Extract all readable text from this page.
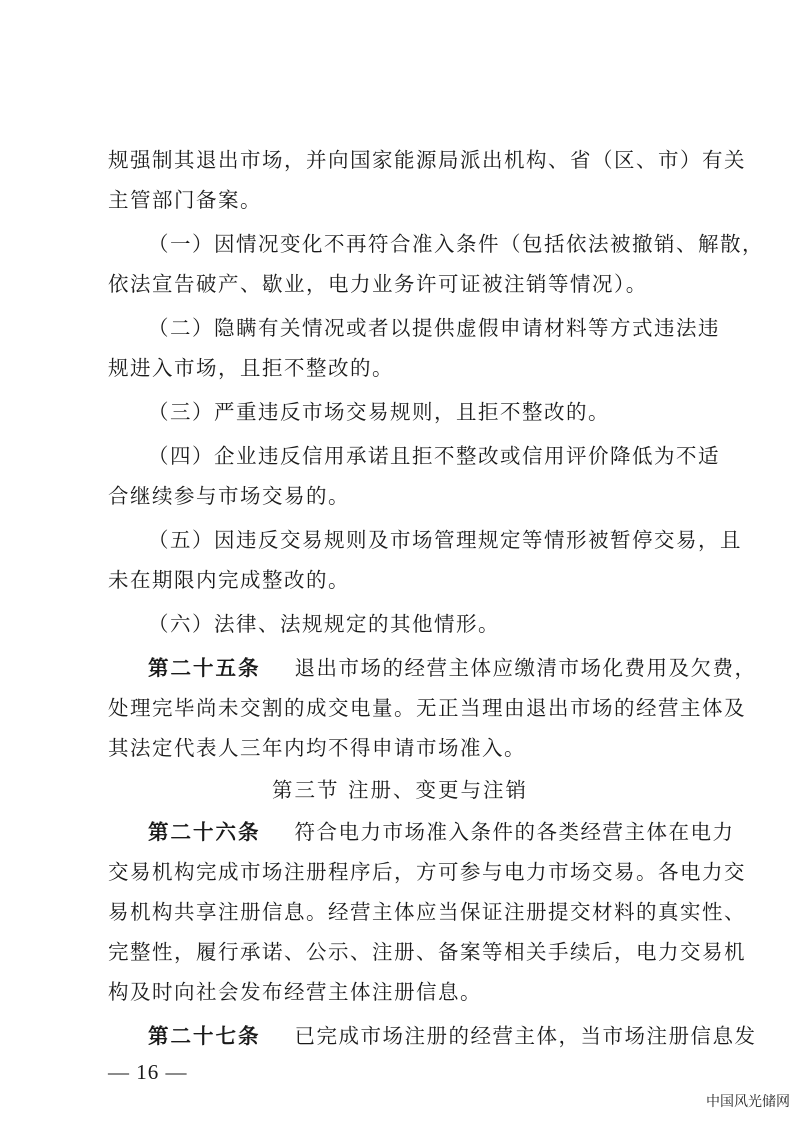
规强制其退出市场，并向国家能源局派出机构、省（区、市）有关
主管部门备案。
（一）因情况变化不再符合准入条件（包括依法被撤销、解散，
依法宣告破产、歇业，电力业务许可证被注销等情况）。
（二）隐瞒有关情况或者以提供虚假申请材料等方式违法违
规进入市场，且拒不整改的。
（三）严重违反市场交易规则，且拒不整改的。
（四）企业违反信用承诺且拒不整改或信用评价降低为不适
合继续参与市场交易的。
（五）因违反交易规则及市场管理规定等情形被暂停交易，且
未在期限内完成整改的。
（六）法律、法规规定的其他情形。
第二十五条 退出市场的经营主体应缴清市场化费用及欠费，
处理完毕尚未交割的成交电量。无正当理由退出市场的经营主体及
其法定代表人三年内均不得申请市场准入。
第三节 注册、变更与注销
第二十六条 符合电力市场准入条件的各类经营主体在电力
交易机构完成市场注册程序后，方可参与电力市场交易。各电力交
易机构共享注册信息。经营主体应当保证注册提交材料的真实性、
完整性，履行承诺、公示、注册、备案等相关手续后，电力交易机
构及时向社会发布经营主体注册信息。
第二十七条 已完成市场注册的经营主体，当市场注册信息发
— 16 —
中国风光储网
